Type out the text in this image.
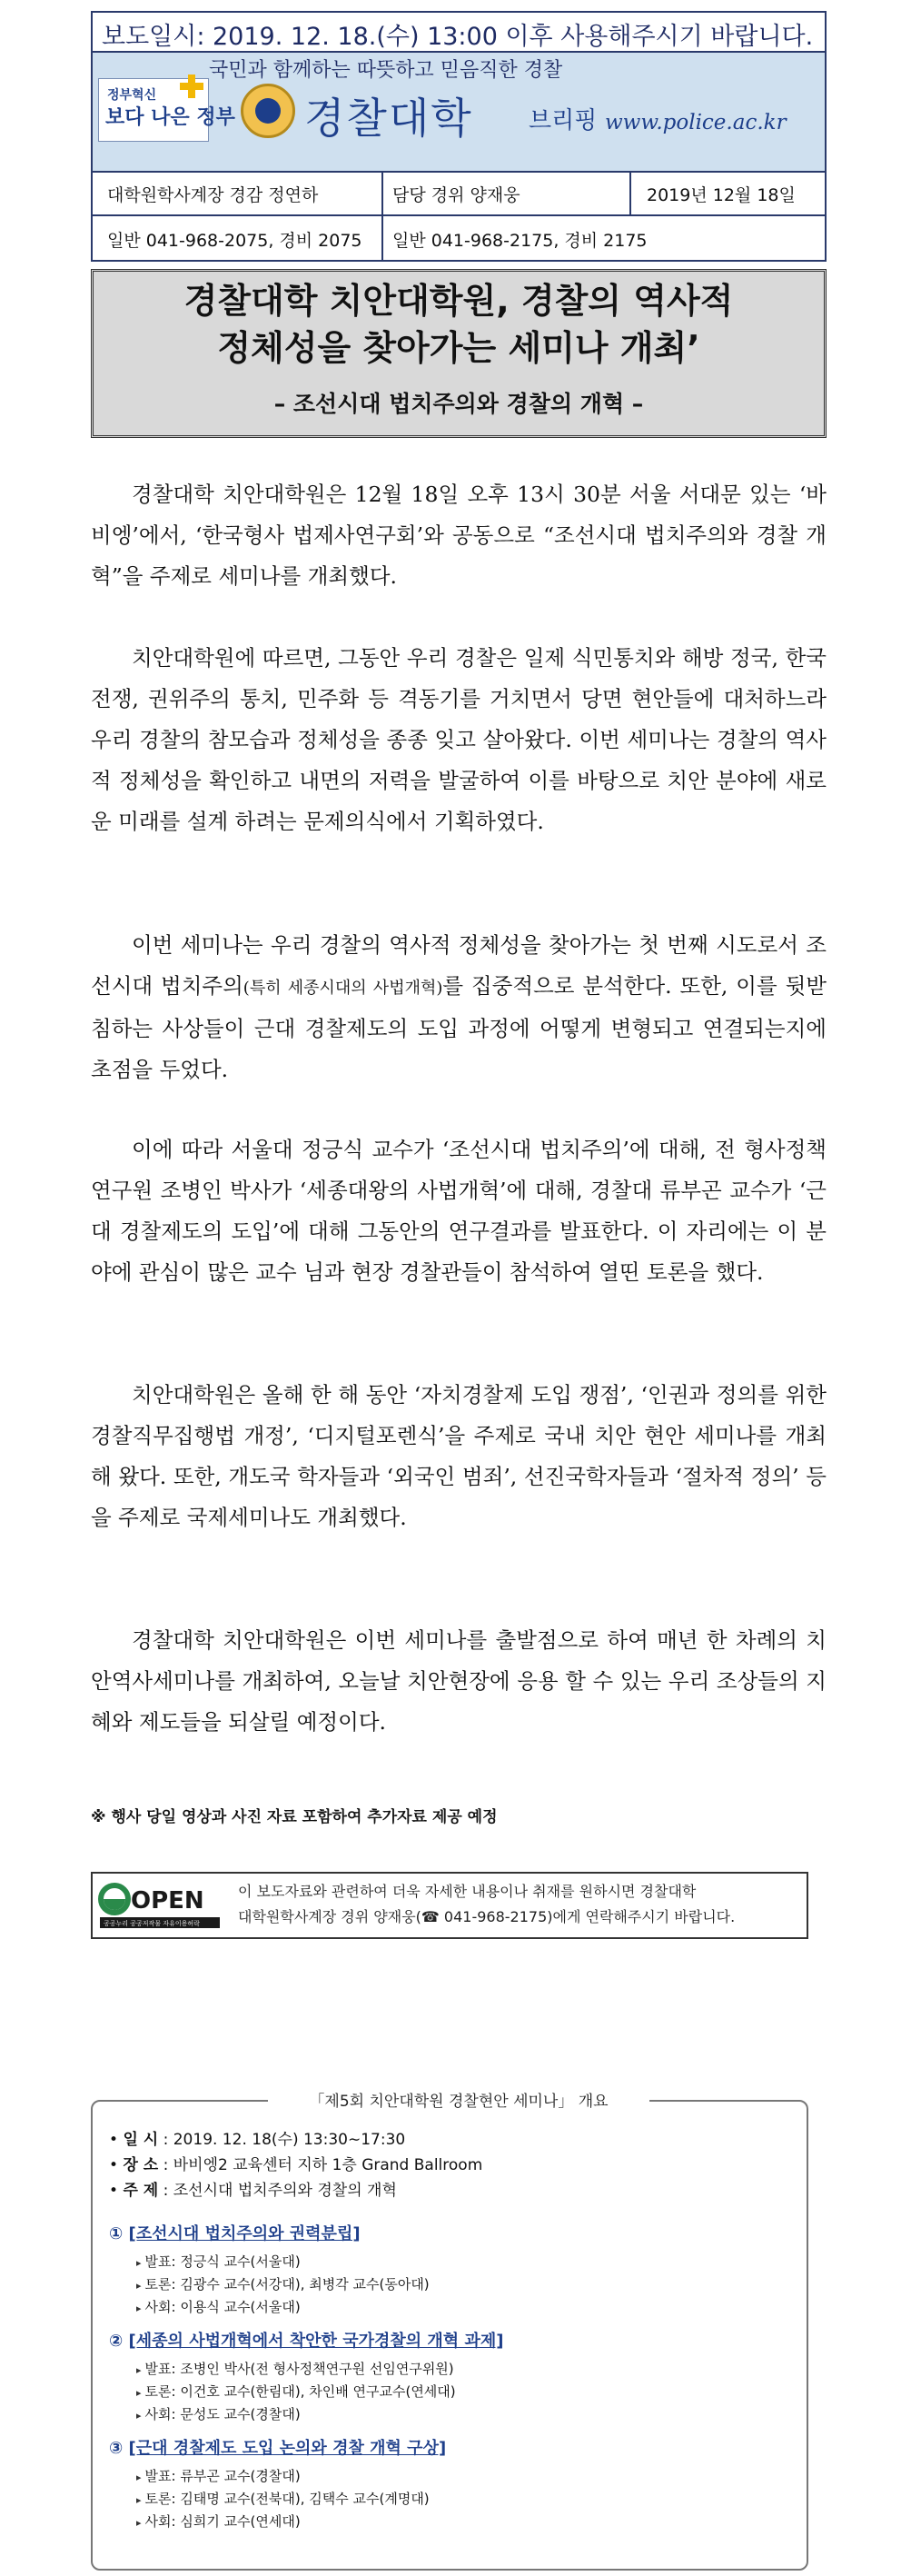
보도일시: 2019. 12. 18.(수) 13:00 이후 사용해주시기 바랍니다.
국민과 함께하는 따뜻하고 믿음직한 경찰
정부혁신
보다 나은 정부 경찰대학 브리핑 www.police.ac.kr
대학원학사계장 경감 정연하	담당 경위 양재웅	2019년 12월 18일
일반 041-968-2075, 경비 2075 일반 041-968-2175, 경비 2175
경찰대학 치안대학원, 경찰의 역사적
정체성을 찾아가는 세미나 개최’
– 조선시대 법치주의와 경찰의 개혁 –
경찰대학 치안대학원은 12월 18일 오후 13시 30분 서울 서대문 있는 ‘바비엥’에서, ‘한국형사 법제사연구회’와 공동으로 “조선시대 법치주의와 경찰 개혁”을 주제로 세미나를 개최했다.
치안대학원에 따르면, 그동안 우리 경찰은 일제 식민통치와 해방 정국, 한국전쟁, 권위주의 통치, 민주화 등 격동기를 거치면서 당면 현안들에 대처하느라 우리 경찰의 참모습과 정체성을 종종 잊고 살아왔다. 이번 세미나는 경찰의 역사적 정체성을 확인하고 내면의 저력을 발굴하여 이를 바탕으로 치안 분야에 새로운 미래를 설계 하려는 문제의식에서 기획하였다.
이번 세미나는 우리 경찰의 역사적 정체성을 찾아가는 첫 번째 시도로서 조선시대 법치주의(특히 세종시대의 사법개혁)를 집중적으로 분석한다. 또한, 이를 뒷받침하는 사상들이 근대 경찰제도의 도입 과정에 어떻게 변형되고 연결되는지에 초점을 두었다.
이에 따라 서울대 정긍식 교수가 ‘조선시대 법치주의’에 대해, 전 형사정책연구원 조병인 박사가 ‘세종대왕의 사법개혁’에 대해, 경찰대 류부곤 교수가 ‘근대 경찰제도의 도입’에 대해 그동안의 연구결과를 발표한다. 이 자리에는 이 분야에 관심이 많은 교수 님과 현장 경찰관들이 참석하여 열띤 토론을 했다.
치안대학원은 올해 한 해 동안 ‘자치경찰제 도입 쟁점’, ‘인권과 정의를 위한 경찰직무집행법 개정’, ‘디지털포렌식’을 주제로 국내 치안 현안 세미나를 개최해 왔다. 또한, 개도국 학자들과 ‘외국인 범죄’, 선진국학자들과 ‘절차적 정의’ 등을 주제로 국제세미나도 개최했다.
경찰대학 치안대학원은 이번 세미나를 출발점으로 하여 매년 한 차례의 치안역사세미나를 개최하여, 오늘날 치안현장에 응용 할 수 있는 우리 조상들의 지혜와 제도들을 되살릴 예정이다.
※ 행사 당일 영상과 사진 자료 포함하여 추가자료 제공 예정
OPEN
공공누리 공공저작물 자유이용허락
이 보도자료와 관련하여 더욱 자세한 내용이나 취재를 원하시면 경찰대학
대학원학사계장 경위 양재웅(☎ 041-968-2175)에게 연락해주시기 바랍니다.
「제5회 치안대학원 경찰현안 세미나」 개요
• 일 시 : 2019. 12. 18(수) 13:30∼17:30
• 장 소 : 바비엥2 교육센터 지하 1층 Grand Ballroom
• 주 제 : 조선시대 법치주의와 경찰의 개혁
① [조선시대 법치주의와 권력분립]
▸ 발표: 정긍식 교수(서울대)
▸ 토론: 김광수 교수(서강대), 최병각 교수(동아대)
▸ 사회: 이용식 교수(서울대)
② [세종의 사법개혁에서 착안한 국가경찰의 개혁 과제]
▸ 발표: 조병인 박사(전 형사정책연구원 선임연구위원)
▸ 토론: 이건호 교수(한림대), 차인배 연구교수(연세대)
▸ 사회: 문성도 교수(경찰대)
③ [근대 경찰제도 도입 논의와 경찰 개혁 구상]
▸ 발표: 류부곤 교수(경찰대)
▸ 토론: 김태명 교수(전북대), 김택수 교수(계명대)
▸ 사회: 심희기 교수(연세대)
